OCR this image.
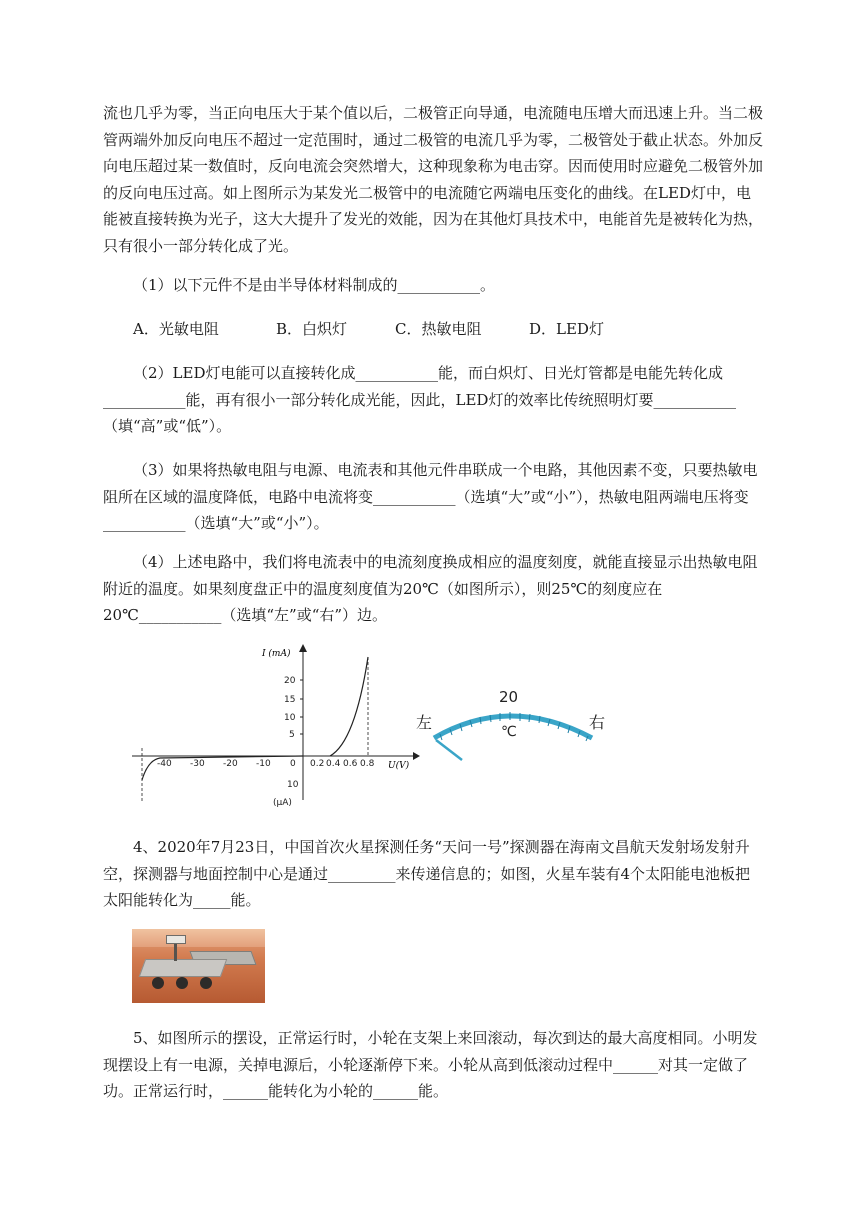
流也几乎为零，当正向电压大于某个值以后，二极管正向导通，电流随电压增大而迅速上升。当二极管两端外加反向电压不超过一定范围时，通过二极管的电流几乎为零，二极管处于截止状态。外加反向电压超过某一数值时，反向电流会突然增大，这种现象称为电击穿。因而使用时应避免二极管外加的反向电压过高。如上图所示为某发光二极管中的电流随它两端电压变化的曲线。在LED灯中，电能被直接转换为光子，这大大提升了发光的效能，因为在其他灯具技术中，电能首先是被转化为热，只有很小一部分转化成了光。

（1）以下元件不是由半导体材料制成的___________。

A．光敏电阻	B．白炽灯	C．热敏电阻	D．LED灯

（2）LED灯电能可以直接转化成___________能，而白炽灯、日光灯管都是电能先转化成___________能，再有很小一部分转化成光能，因此，LED灯的效率比传统照明灯要___________（填“高”或“低”）。

（3）如果将热敏电阻与电源、电流表和其他元件串联成一个电路，其他因素不变，只要热敏电阻所在区域的温度降低，电路中电流将变___________（选填“大”或“小”），热敏电阻两端电压将变___________（选填“大”或“小”）。

（4）上述电路中，我们将电流表中的电流刻度换成相应的温度刻度，就能直接显示出热敏电阻附近的温度。如果刻度盘正中的温度刻度值为20℃（如图所示），则25℃的刻度应在20℃___________（选填“左”或“右”）边。

I (mA)
U(V)
20
15
10
5
-40 -30 -20 -10 0 0.2 0.4 0.6 0.8
10
(μA)
左	右
20
℃

4、2020年7月23日，中国首次火星探测任务“天问一号”探测器在海南文昌航天发射场发射升空，探测器与地面控制中心是通过_________来传递信息的；如图，火星车装有4个太阳能电池板把太阳能转化为_____能。

5、如图所示的摆设，正常运行时，小轮在支架上来回滚动，每次到达的最大高度相同。小明发现摆设上有一电源，关掉电源后，小轮逐渐停下来。小轮从高到低滚动过程中______对其一定做了功。正常运行时，______能转化为小轮的______能。
